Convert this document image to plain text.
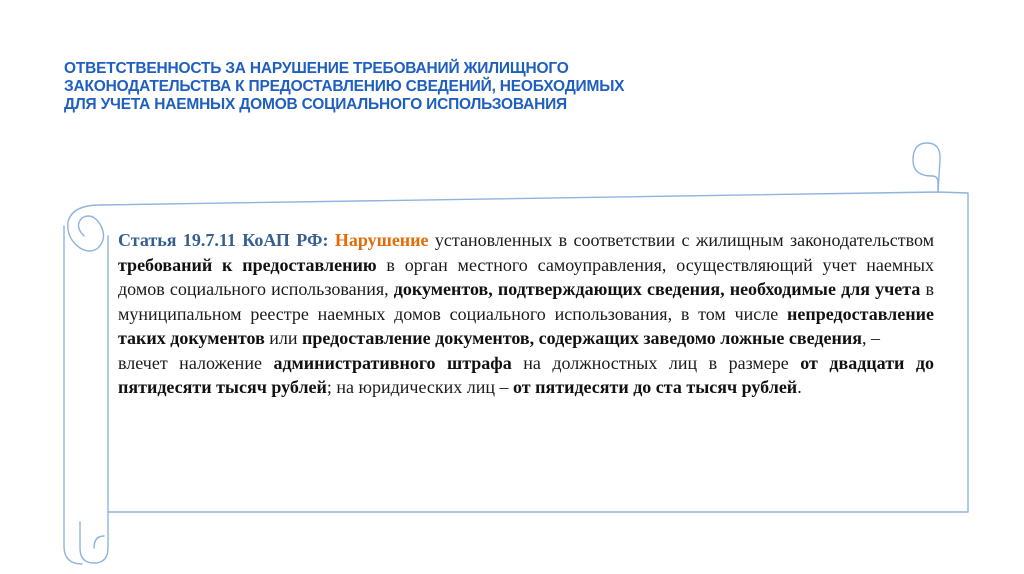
ОТВЕТСТВЕННОСТЬ ЗА НАРУШЕНИЕ ТРЕБОВАНИЙ ЖИЛИЩНОГО
ЗАКОНОДАТЕЛЬСТВА К ПРЕДОСТАВЛЕНИЮ СВЕДЕНИЙ, НЕОБХОДИМЫХ
ДЛЯ УЧЕТА НАЕМНЫХ ДОМОВ СОЦИАЛЬНОГО ИСПОЛЬЗОВАНИЯ

Статья 19.7.11 КоАП РФ: Нарушение установленных в соответствии с жилищным законодательством требований к предоставлению в орган местного самоуправления, осуществляющий учет наемных домов социального использования, документов, подтверждающих сведения, необходимые для учета в муниципальном реестре наемных домов социального использования, в том числе непредоставление таких документов или предоставление документов, содержащих заведомо ложные сведения, –
влечет наложение административного штрафа на должностных лиц в размере от двадцати до пятидесяти тысяч рублей; на юридических лиц – от пятидесяти до ста тысяч рублей.
